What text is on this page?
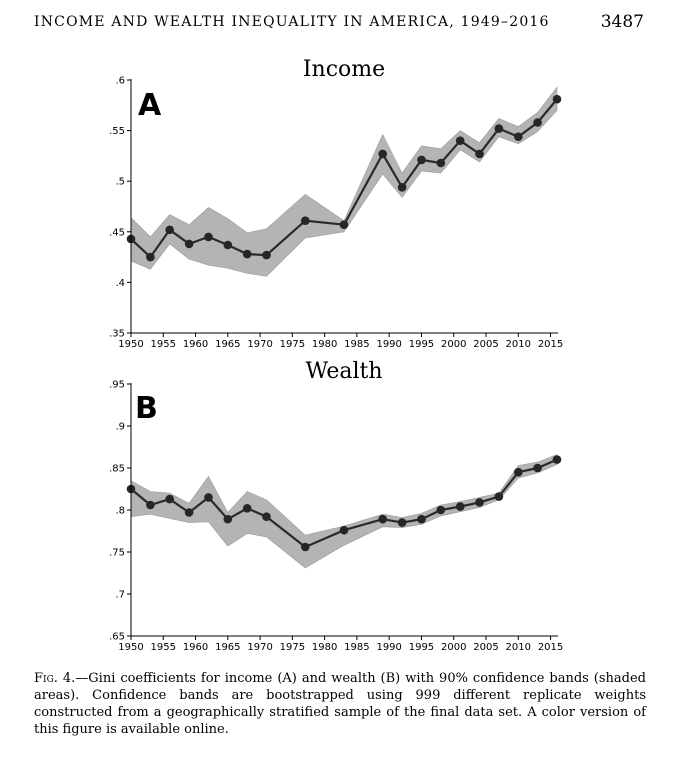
INCOME AND WEALTH INEQUALITY IN AMERICA, 1949–2016	3487
.35
.4
.45
.5
.55
.6
1950 1955 1960 1965 1970 1975 1980 1985 1990 1995 2000 2005 2010 2015
Income
A
.65
.7
.75
.8
.85
.9
.95
1950 1955 1960 1965 1970 1975 1980 1985 1990 1995 2000 2005 2010 2015
Wealth
B
Fig. 4.—Gini coefficients for income (A) and wealth (B) with 90% confidence bands (shaded areas). Confidence bands are bootstrapped using 999 different replicate weights constructed from a geographically stratified sample of the final data set. A color version of this figure is available online.
